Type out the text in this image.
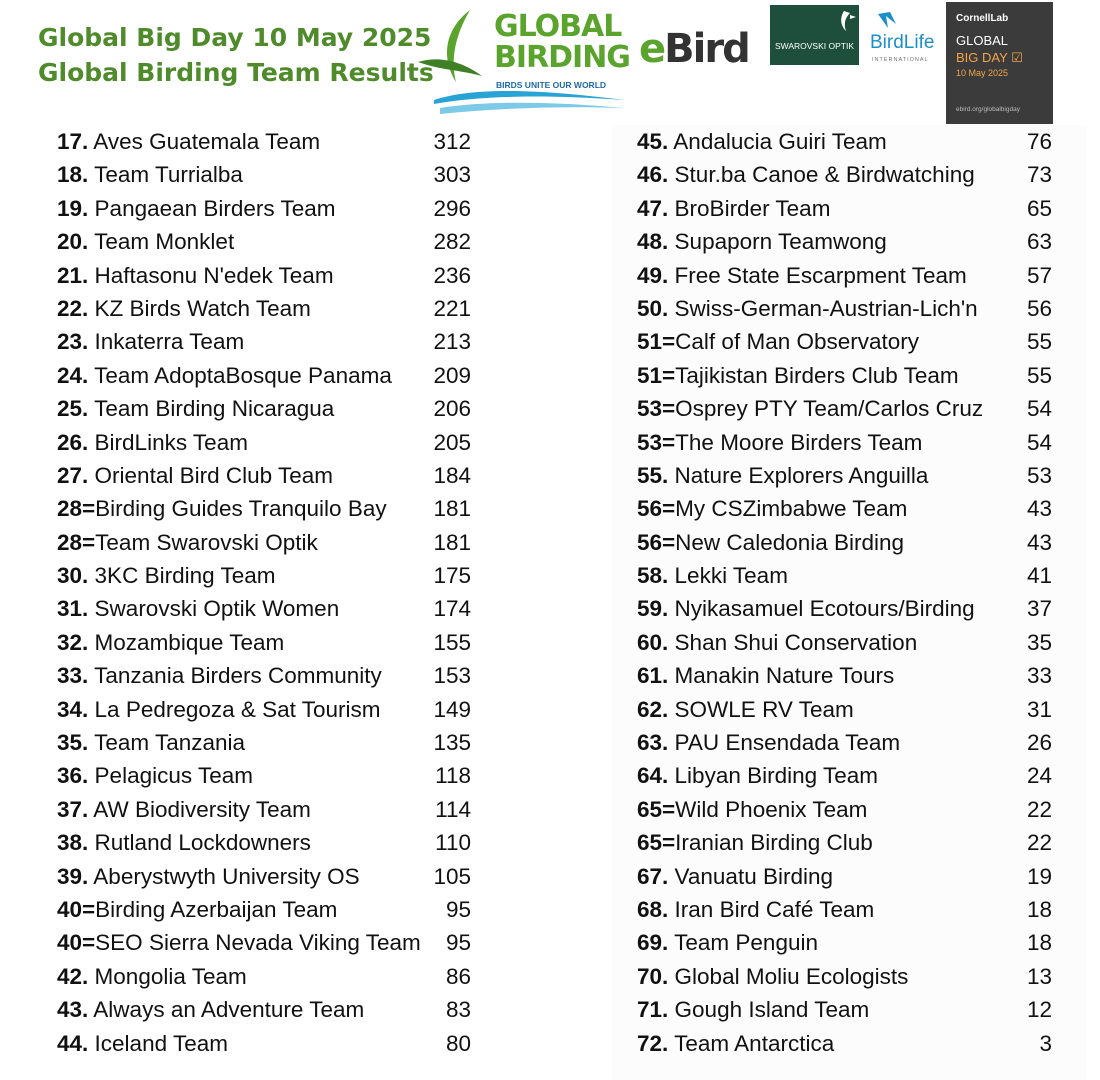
Global Big Day 10 May 2025
Global Birding Team Results
GLOBAL BIRDING
BIRDS UNITE OUR WORLD
eBird	SWAROVSKI OPTIK BirdLife
INTERNATIONAL
CornellLab
GLOBAL
BIG DAY ☑
10 May 2025
ebird.org/globalbigday
17. Aves Guatemala Team	312
18. Team Turrialba	303
19. Pangaean Birders Team	296
20. Team Monklet	282
21. Haftasonu N'edek Team	236
22. KZ Birds Watch Team	221
23. Inkaterra Team	213
24. Team AdoptaBosque Panama 209
25. Team Birding Nicaragua	206
26. BirdLinks Team	205
27. Oriental Bird Club Team	184
28=Birding Guides Tranquilo Bay 181
28=Team Swarovski Optik	181
30. 3KC Birding Team	175
31. Swarovski Optik Women	174
32. Mozambique Team	155
33. Tanzania Birders Community 153
34. La Pedregoza & Sat Tourism 149
35. Team Tanzania	135
36. Pelagicus Team	118
37. AW Biodiversity Team	114
38. Rutland Lockdowners	110
39. Aberystwyth University OS	105
40=Birding Azerbaijan Team	95
40=SEO Sierra Nevada Viking Team 95
42. Mongolia Team	86
43. Always an Adventure Team	83
44. Iceland Team	80
45. Andalucia Guiri Team	76
46. Stur.ba Canoe & Birdwatching 73
47. BroBirder Team	65
48. Supaporn Teamwong	63
49. Free State Escarpment Team	57
50. Swiss-German-Austrian-Lich'n 56
51=Calf of Man Observatory	55
51=Tajikistan Birders Club Team	55
53=Osprey PTY Team/Carlos Cruz 54
53=The Moore Birders Team	54
55. Nature Explorers Anguilla	53
56=My CSZimbabwe Team	43
56=New Caledonia Birding	43
58. Lekki Team	41
59. Nyikasamuel Ecotours/Birding 37
60. Shan Shui Conservation	35
61. Manakin Nature Tours	33
62. SOWLE RV Team	31
63. PAU Ensendada Team	26
64. Libyan Birding Team	24
65=Wild Phoenix Team	22
65=Iranian Birding Club	22
67. Vanuatu Birding	19
68. Iran Bird Café Team	18
69. Team Penguin	18
70. Global Moliu Ecologists	13
71. Gough Island Team	12
72. Team Antarctica	3
